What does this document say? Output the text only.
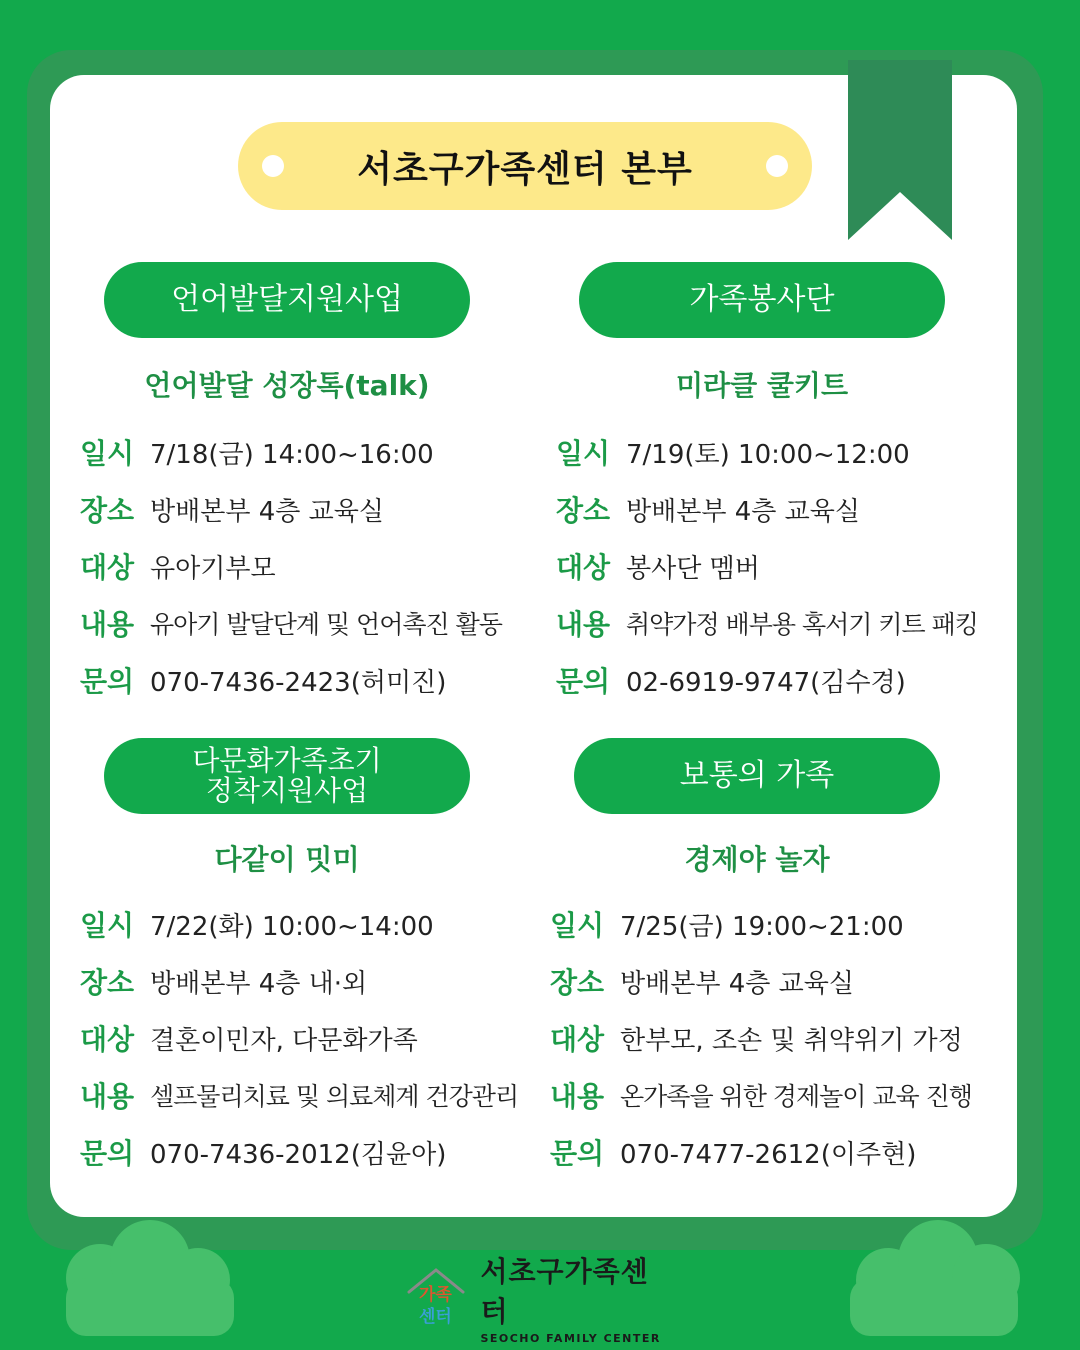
서초구가족센터 본부
언어발달지원사업
언어발달 성장톡(talk)
일시 7/18(금) 14:00~16:00
장소 방배본부 4층 교육실
대상 유아기부모
내용 유아기 발달단계 및 언어촉진 활동
문의 070-7436-2423(허미진)
가족봉사단
미라클 쿨키트
일시 7/19(토) 10:00~12:00
장소 방배본부 4층 교육실
대상 봉사단 멤버
내용 취약가정 배부용 혹서기 키트 패킹
문의 02-6919-9747(김수경)
다문화가족초기
정착지원사업
다같이 밋미
일시 7/22(화) 10:00~14:00
장소 방배본부 4층 내·외
대상 결혼이민자, 다문화가족
내용 셀프물리치료 및 의료체계 건강관리
문의 070-7436-2012(김윤아)
보통의 가족
경제야 놀자
일시 7/25(금) 19:00~21:00
장소 방배본부 4층 교육실
대상 한부모, 조손 및 취약위기 가정
내용 온가족을 위한 경제놀이 교육 진행
문의 070-7477-2612(이주현)
가족
센터
서초구가족센터
SEOCHO FAMILY CENTER
